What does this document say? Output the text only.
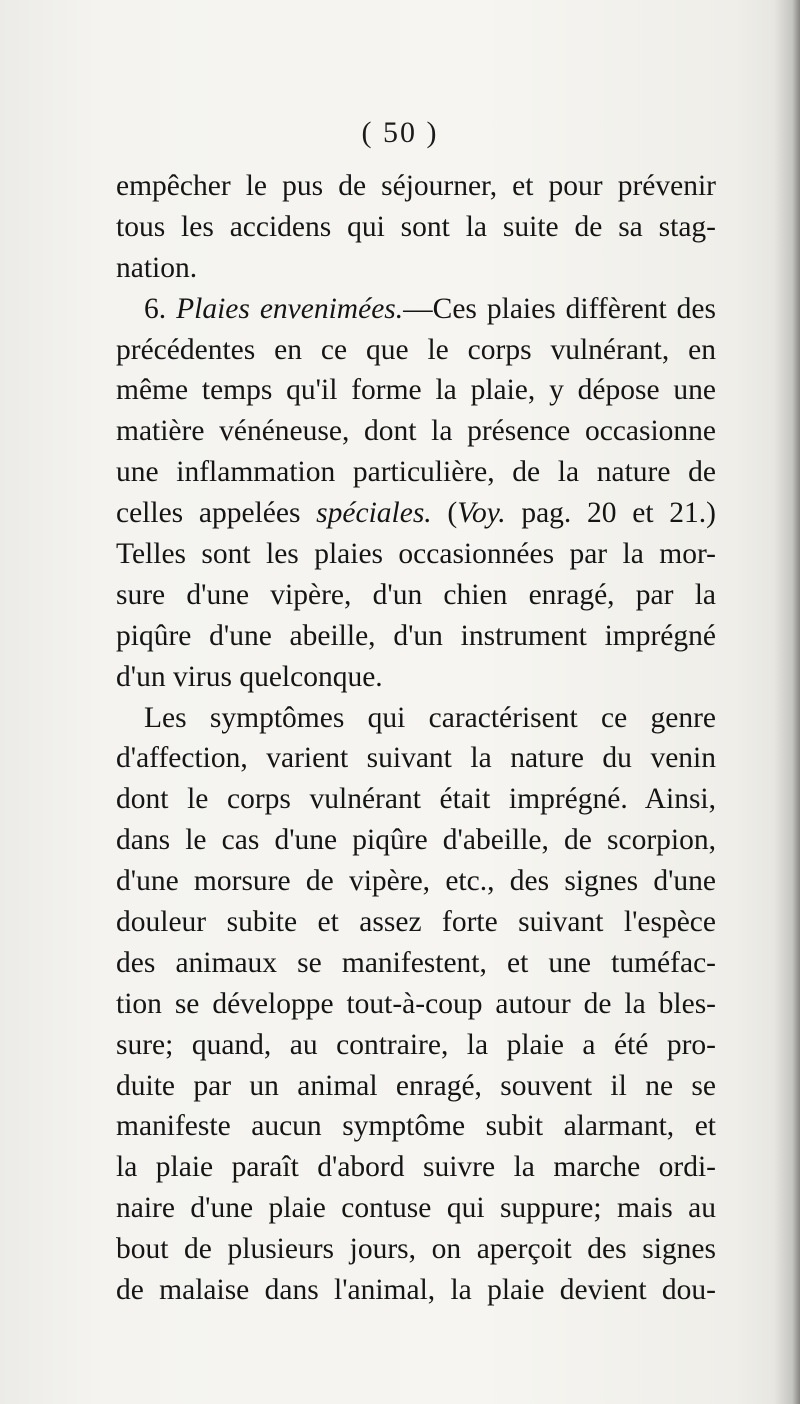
( 50 )
empêcher le pus de séjourner, et pour prévenir
tous les accidens qui sont la suite de sa stag-
nation.
6. Plaies envenimées.—Ces plaies diffèrent des
précédentes en ce que le corps vulnérant, en
même temps qu'il forme la plaie, y dépose une
matière vénéneuse, dont la présence occasionne
une inflammation particulière, de la nature de
celles appelées spéciales. (Voy. pag. 20 et 21.)
Telles sont les plaies occasionnées par la mor-
sure d'une vipère, d'un chien enragé, par la
piqûre d'une abeille, d'un instrument imprégné
d'un virus quelconque.
Les symptômes qui caractérisent ce genre
d'affection, varient suivant la nature du venin
dont le corps vulnérant était imprégné. Ainsi,
dans le cas d'une piqûre d'abeille, de scorpion,
d'une morsure de vipère, etc., des signes d'une
douleur subite et assez forte suivant l'espèce
des animaux se manifestent, et une tuméfac-
tion se développe tout-à-coup autour de la bles-
sure; quand, au contraire, la plaie a été pro-
duite par un animal enragé, souvent il ne se
manifeste aucun symptôme subit alarmant, et
la plaie paraît d'abord suivre la marche ordi-
naire d'une plaie contuse qui suppure; mais au
bout de plusieurs jours, on aperçoit des signes
de malaise dans l'animal, la plaie devient dou-
